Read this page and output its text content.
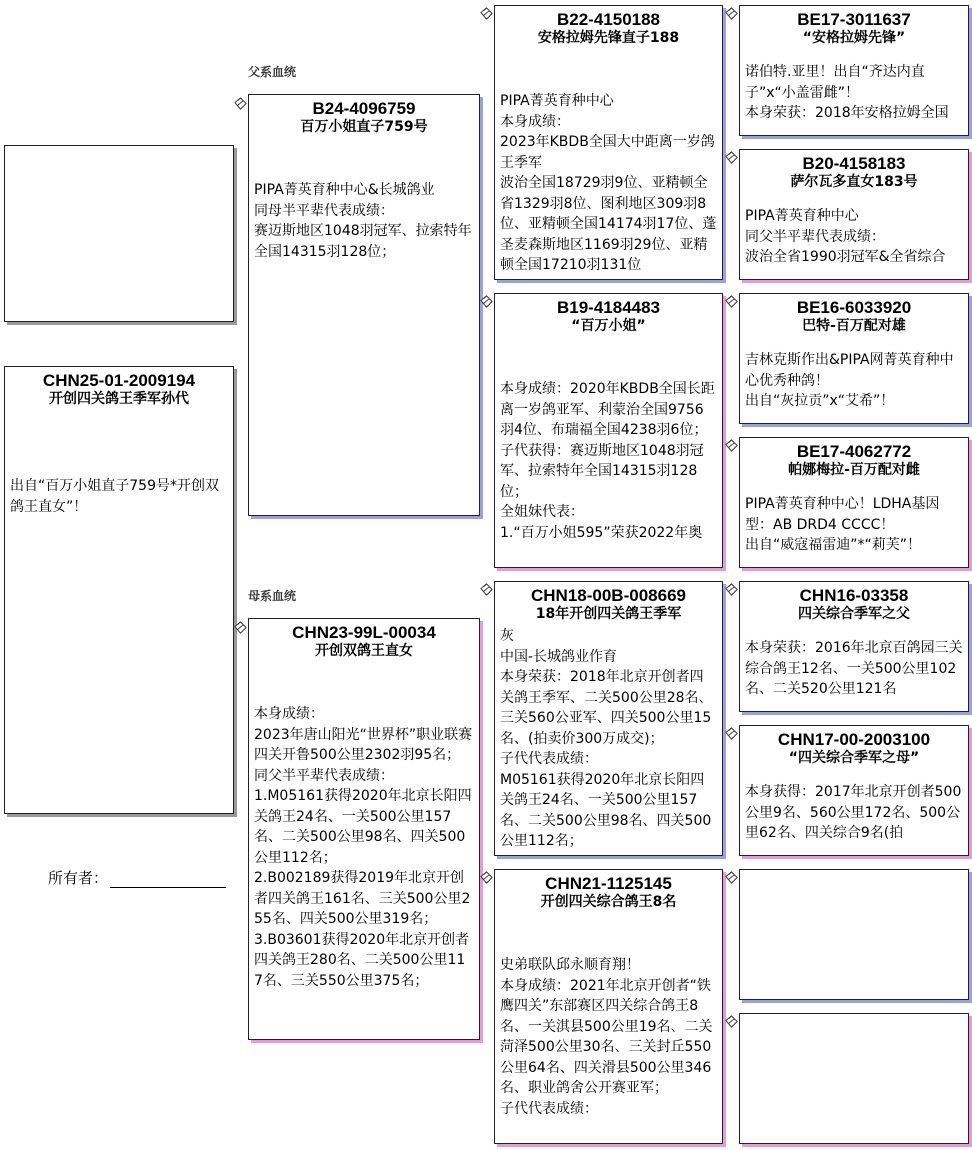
父系血统
母系血统
CHN25-01-2009194
开创四关鸽王季军孙代
出自“百万小姐直子759号*开创双鸽王直女”！
所有者：
B24-4096759
百万小姐直子759号
PIPA菁英育种中心&长城鸽业
同母半平辈代表成绩：
赛迈斯地区1048羽冠军、拉索特年全国14315羽128位；
CHN23-99L-00034
开创双鸽王直女
本身成绩：
2023年唐山阳光“世界杯”职业联赛四关开鲁500公里2302羽95名；
同父半平辈代表成绩：
1.M05161获得2020年北京长阳四关鸽王24名、一关500公里157名、二关500公里98名、四关500公里112名；
2.B002189获得2019年北京开创者四关鸽王161名、三关500公里255名、四关500公里319名；
3.B03601获得2020年北京开创者四关鸽王280名、二关500公里117名、三关550公里375名；
B22-4150188
安格拉姆先锋直子188
PIPA菁英育种中心
本身成绩：
2023年KBDB全国大中距离一岁鸽王季军
波治全国18729羽9位、亚精顿全省1329羽8位、图利地区309羽8位、亚精顿全国14174羽17位、蓬圣麦森斯地区1169羽29位、亚精顿全国17210羽131位
B19-4184483
“百万小姐”
本身成绩：2020年KBDB全国长距离一岁鸽亚军、利蒙治全国9756羽4位、布瑞福全国4238羽6位；
子代获得：赛迈斯地区1048羽冠军、拉索特年全国14315羽128位；
全姐妹代表：
1.“百万小姐595”荣获2022年奥
CHN18-00B-008669
18年开创四关鸽王季军
灰
中国-长城鸽业作育
本身荣获：2018年北京开创者四关鸽王季军、二关500公里28名、三关560公亚军、四关500公里15名、(拍卖价300万成交)；
子代代表成绩：
M05161获得2020年北京长阳四关鸽王24名、一关500公里157名、二关500公里98名、四关500公里112名；
CHN21-1125145
开创四关综合鸽王8名
史弟联队邱永顺育翔！
本身成绩：2021年北京开创者“铁鹰四关”东部赛区四关综合鸽王8名、一关淇县500公里19名、二关菏泽500公里30名、三关封丘550公里64名、四关滑县500公里346名、职业鸽舍公开赛亚军；
子代代表成绩：
BE17-3011637
“安格拉姆先锋”
诺伯特.亚里！出自“齐达内直子”x“小盖雷雌”！
本身荣获：2018年安格拉姆全国
B20-4158183
萨尔瓦多直女183号
PIPA菁英育种中心
同父半平辈代表成绩：
波治全省1990羽冠军&全省综合
BE16-6033920
巴特-百万配对雄
吉林克斯作出&PIPA网菁英育种中心优秀种鸽！
出自“灰拉贡”x“艾希”！
BE17-4062772
帕娜梅拉-百万配对雌
PIPA菁英育种中心！LDHA基因型：AB DRD4 CCCC！
出自“威寇福雷迪”*“莉芙”！
CHN16-03358
四关综合季军之父
本身荣获：2016年北京百鸽园三关综合鸽王12名、一关500公里102名、二关520公里121名
CHN17-00-2003100
“四关综合季军之母”
本身获得：2017年北京开创者500公里9名、560公里172名、500公里62名、四关综合9名(拍
